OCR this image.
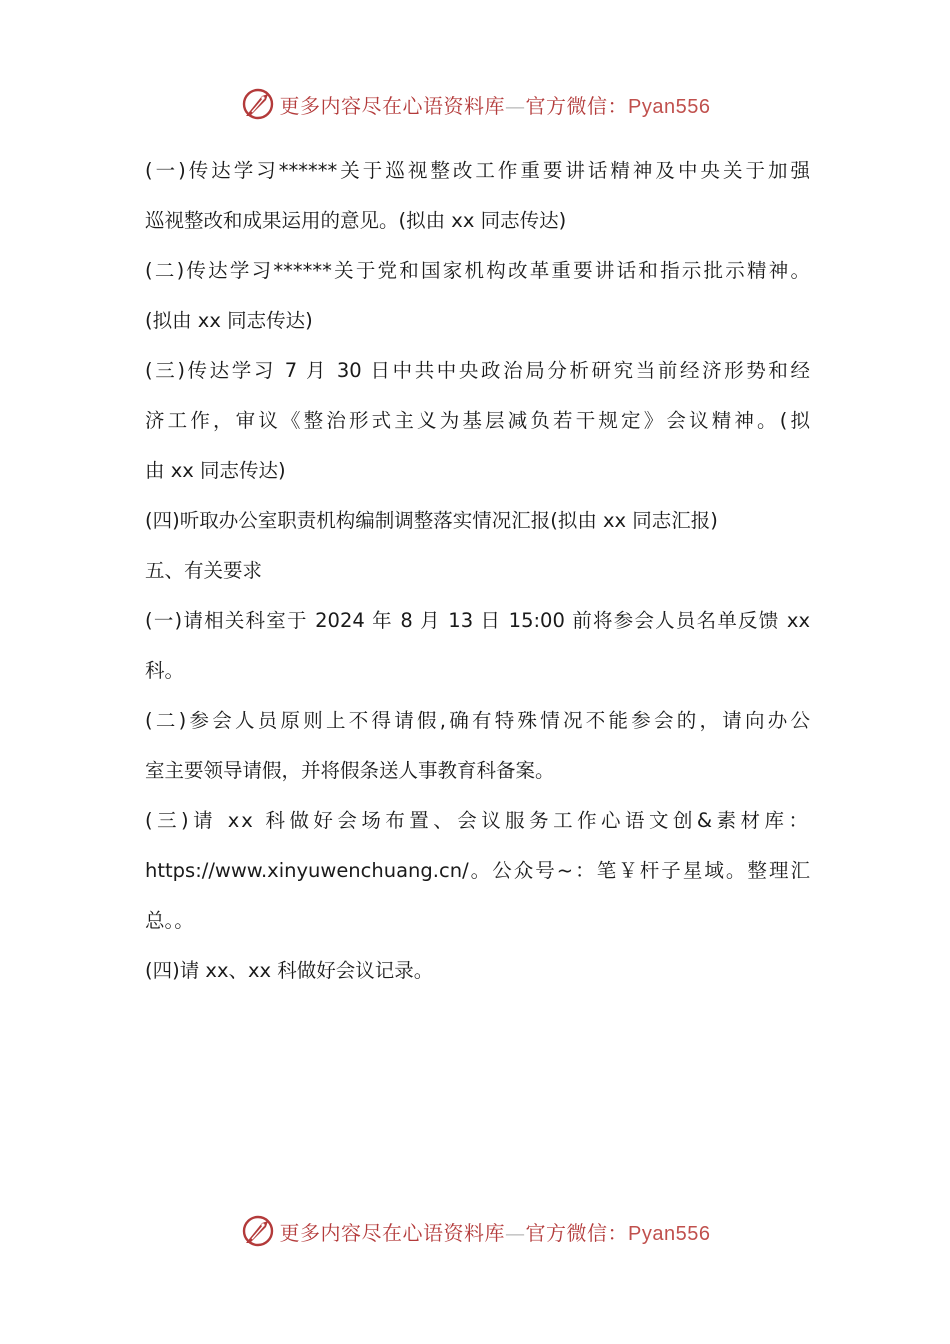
更多内容尽在心语资料库—官方微信：Pyan556
(一)传达学习******关于巡视整改工作重要讲话精神及中央关于加强
巡视整改和成果运用的意见。(拟由 xx 同志传达)
(二)传达学习******关于党和国家机构改革重要讲话和指示批示精神。
(拟由 xx 同志传达)
(三)传达学习 7 月 30 日中共中央政治局分析研究当前经济形势和经
济工作，审议《整治形式主义为基层减负若干规定》会议精神。(拟
由 xx 同志传达)
(四)听取办公室职责机构编制调整落实情况汇报(拟由 xx 同志汇报)
五、有关要求
(一)请相关科室于 2024 年 8 月 13 日 15:00 前将参会人员名单反馈 xx
科。
(二)参会人员原则上不得请假,确有特殊情况不能参会的，请向办公
室主要领导请假，并将假条送人事教育科备案。
(三)请 xx 科做好会场布置、会议服务工作心语文创&素材库：
https://www.xinyuwenchuang.cn/。公众号~：笔￥杆子星域。整理汇
总。。
(四)请 xx、xx 科做好会议记录。
更多内容尽在心语资料库—官方微信：Pyan556
